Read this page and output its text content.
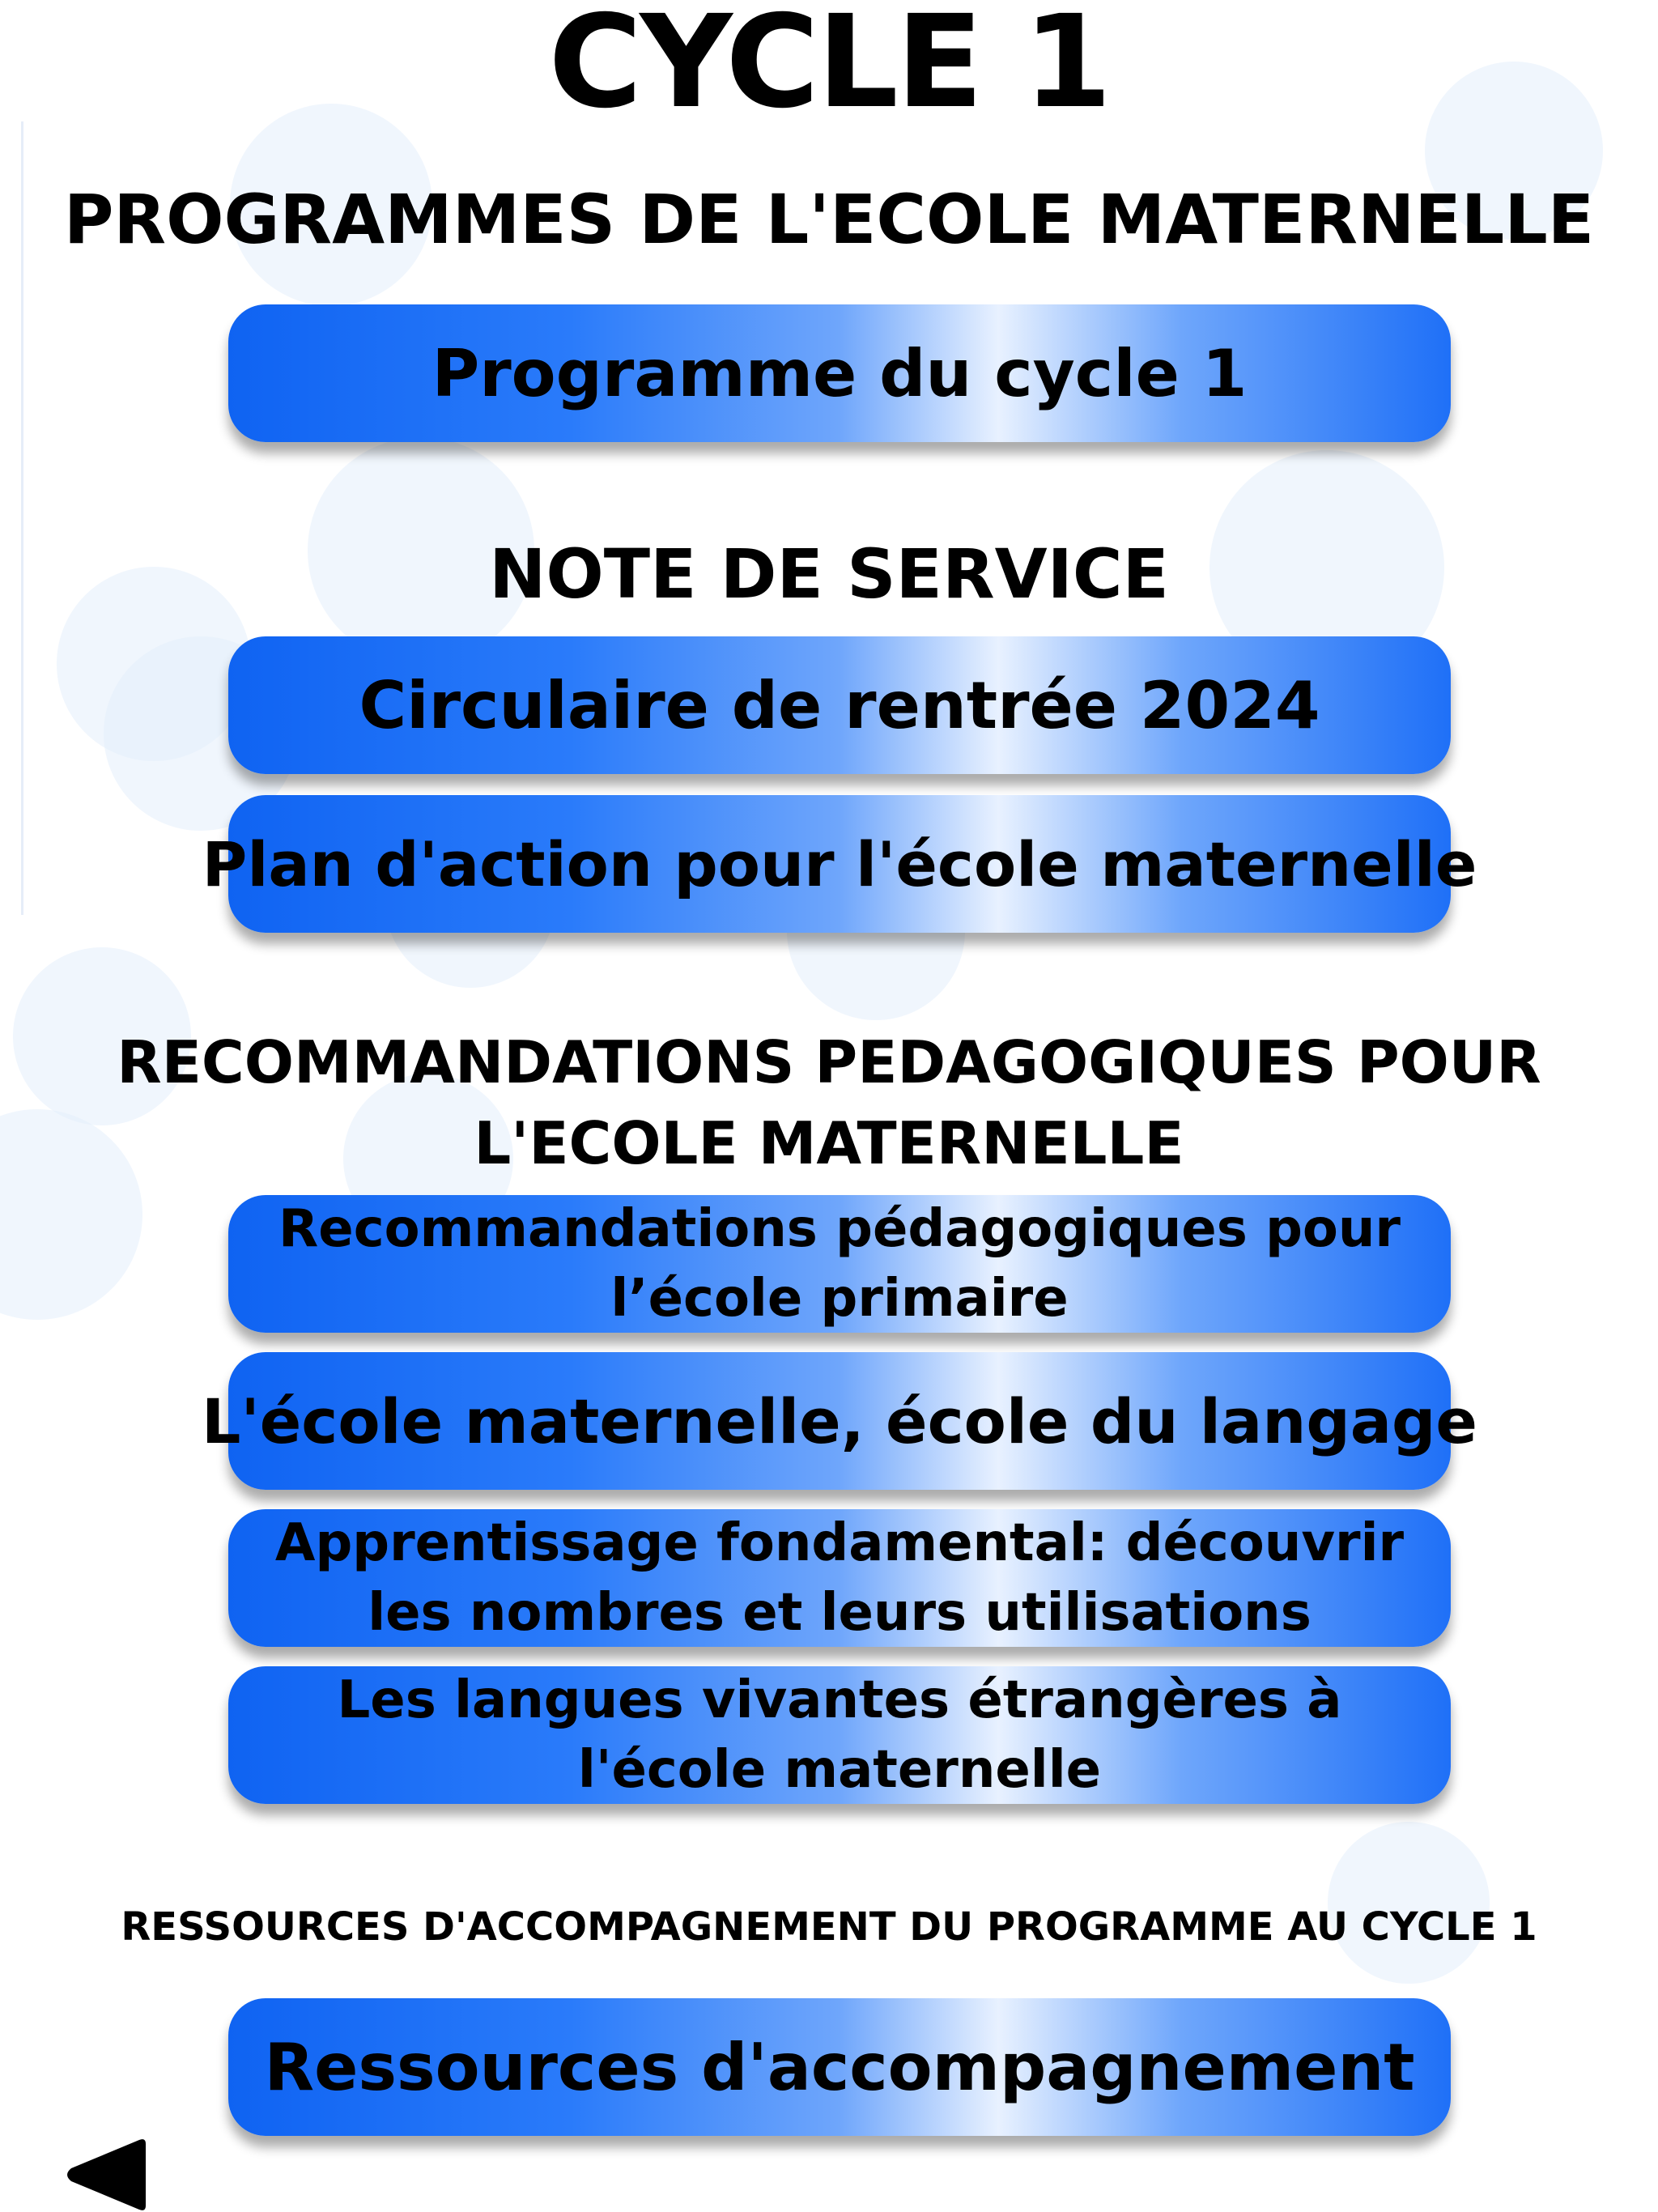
CYCLE 1
PROGRAMMES DE L'ECOLE MATERNELLE
Programme du cycle 1
NOTE DE SERVICE
Circulaire de rentrée 2024
Plan d'action pour l'école maternelle
RECOMMANDATIONS PEDAGOGIQUES POUR L'ECOLE MATERNELLE
Recommandations pédagogiques pour l’école primaire
L'école maternelle, école du langage
Apprentissage fondamental: découvrir les nombres et leurs utilisations
Les langues vivantes étrangères à l'école maternelle
RESSOURCES D'ACCOMPAGNEMENT DU PROGRAMME AU CYCLE 1
Ressources d'accompagnement
